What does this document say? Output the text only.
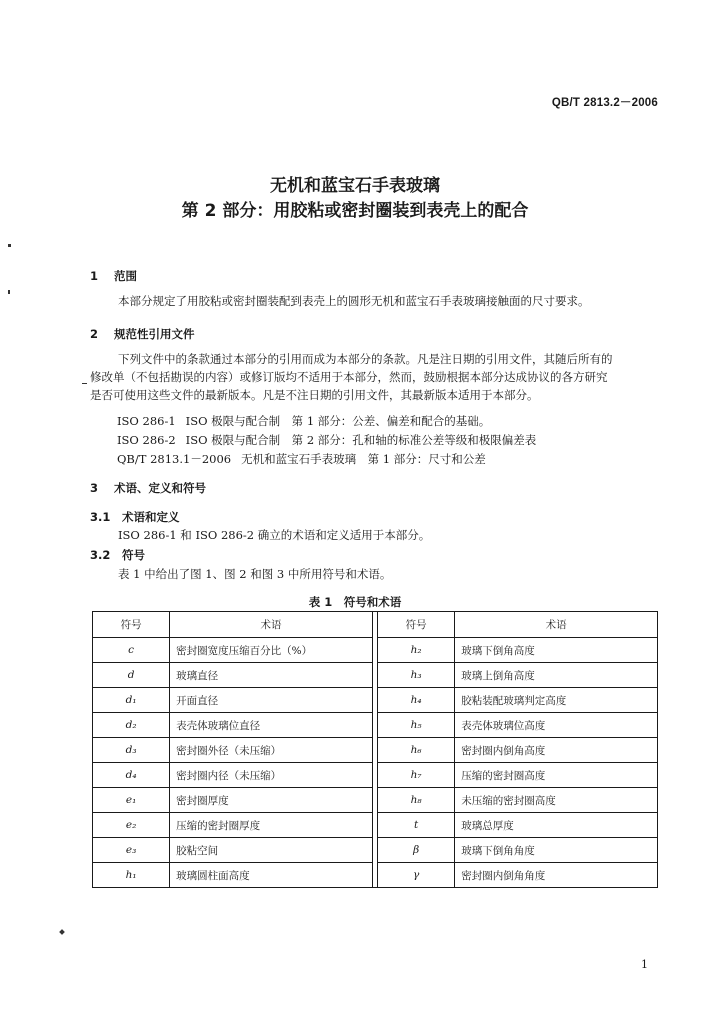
QB/T 2813.2－2006
无机和蓝宝石手表玻璃
第 2 部分：用胶粘或密封圈装到表壳上的配合
1 范围
本部分规定了用胶粘或密封圈装配到表壳上的圆形无机和蓝宝石手表玻璃接触面的尺寸要求。
2 规范性引用文件
下列文件中的条款通过本部分的引用而成为本部分的条款。凡是注日期的引用文件，其随后所有的
修改单（不包括勘误的内容）或修订版均不适用于本部分，然而，鼓励根据本部分达成协议的各方研究
是否可使用这些文件的最新版本。凡是不注日期的引用文件，其最新版本适用于本部分。
ISO 286-1 ISO 极限与配合制　第 1 部分：公差、偏差和配合的基础。
ISO 286-2 ISO 极限与配合制　第 2 部分：孔和轴的标准公差等级和极限偏差表
QB/T 2813.1－2006 无机和蓝宝石手表玻璃　第 1 部分：尺寸和公差
3 术语、定义和符号
3.1 术语和定义
ISO 286-1 和 ISO 286-2 确立的术语和定义适用于本部分。
3.2 符号
表 1 中给出了图 1、图 2 和图 3 中所用符号和术语。
表 1　符号和术语
符号	术语		符号	术语
c	密封圈宽度压缩百分比（%）		h₂	玻璃下倒角高度
d	玻璃直径		h₃	玻璃上倒角高度
d₁	开面直径		h₄	胶粘装配玻璃判定高度
d₂	表壳体玻璃位直径		h₅	表壳体玻璃位高度
d₃	密封圈外径（未压缩）		h₆	密封圈内倒角高度
d₄	密封圈内径（未压缩）		h₇	压缩的密封圈高度
e₁	密封圈厚度		h₈	未压缩的密封圈高度
e₂	压缩的密封圈厚度		t	玻璃总厚度
e₃	胶粘空间		β	玻璃下倒角角度
h₁	玻璃圆柱面高度		γ	密封圈内倒角角度
1
